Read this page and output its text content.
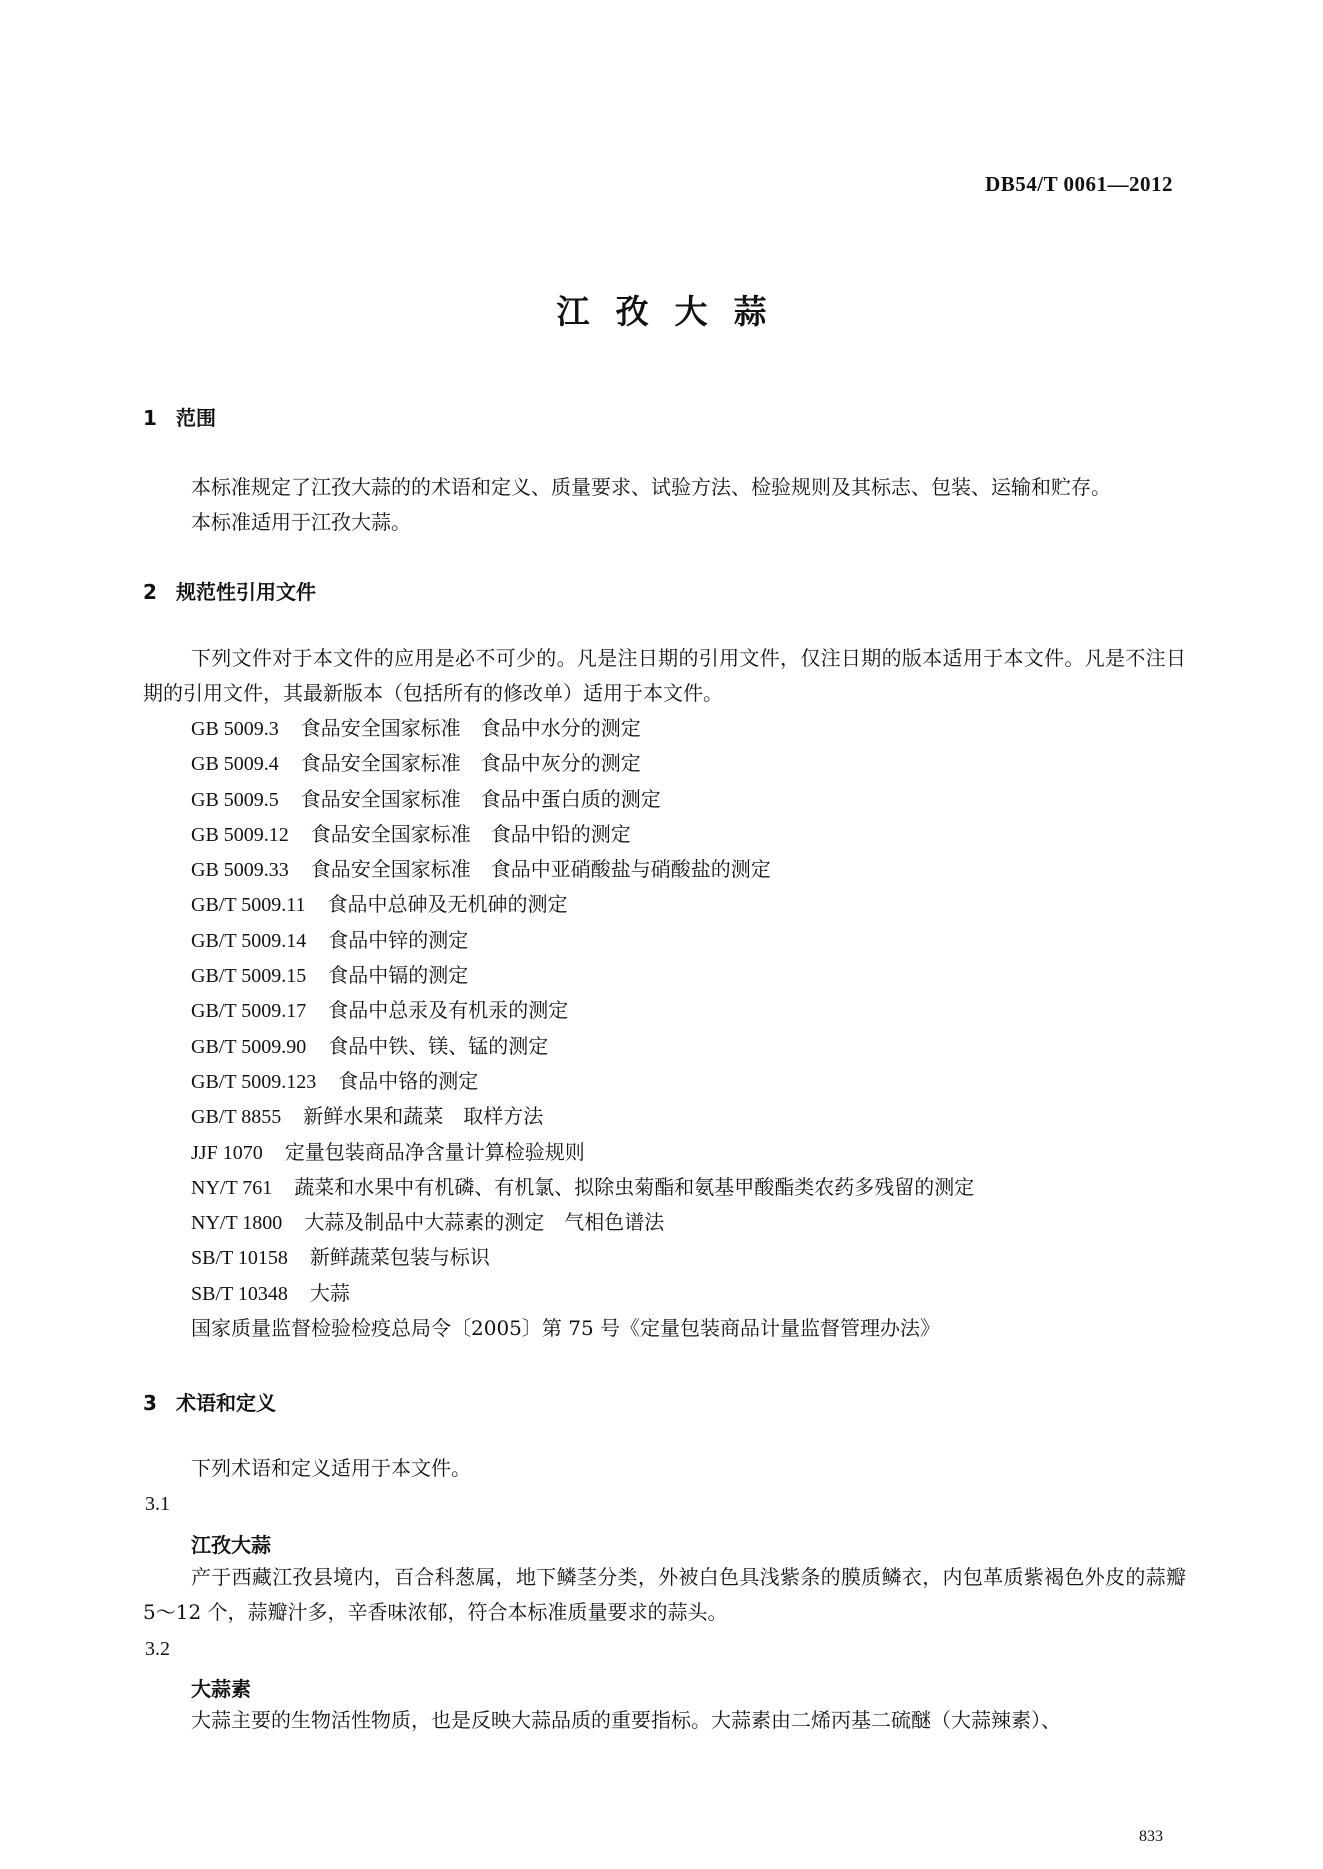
DB54/T 0061—2012
江孜大蒜
1 范围
本标准规定了江孜大蒜的的术语和定义、质量要求、试验方法、检验规则及其标志、包装、运输和贮存。
本标准适用于江孜大蒜。
2 规范性引用文件
下列文件对于本文件的应用是必不可少的。凡是注日期的引用文件，仅注日期的版本适用于本文件。凡是不注日期的引用文件，其最新版本（包括所有的修改单）适用于本文件。
GB 5009.3 食品安全国家标准　食品中水分的测定
GB 5009.4 食品安全国家标准　食品中灰分的测定
GB 5009.5 食品安全国家标准　食品中蛋白质的测定
GB 5009.12 食品安全国家标准　食品中铅的测定
GB 5009.33 食品安全国家标准　食品中亚硝酸盐与硝酸盐的测定
GB/T 5009.11 食品中总砷及无机砷的测定
GB/T 5009.14 食品中锌的测定
GB/T 5009.15 食品中镉的测定
GB/T 5009.17 食品中总汞及有机汞的测定
GB/T 5009.90 食品中铁、镁、锰的测定
GB/T 5009.123 食品中铬的测定
GB/T 8855 新鲜水果和蔬菜　取样方法
JJF 1070 定量包装商品净含量计算检验规则
NY/T 761 蔬菜和水果中有机磷、有机氯、拟除虫菊酯和氨基甲酸酯类农药多残留的测定
NY/T 1800 大蒜及制品中大蒜素的测定　气相色谱法
SB/T 10158 新鲜蔬菜包装与标识
SB/T 10348 大蒜
国家质量监督检验检疫总局令〔2005〕第 75 号《定量包装商品计量监督管理办法》
3 术语和定义
下列术语和定义适用于本文件。
3.1
江孜大蒜
产于西藏江孜县境内，百合科葱属，地下鳞茎分类，外被白色具浅紫条的膜质鳞衣，内包革质紫褐色外皮的蒜瓣 5～12 个，蒜瓣汁多，辛香味浓郁，符合本标准质量要求的蒜头。
3.2
大蒜素
大蒜主要的生物活性物质，也是反映大蒜品质的重要指标。大蒜素由二烯丙基二硫醚（大蒜辣素）、
833
